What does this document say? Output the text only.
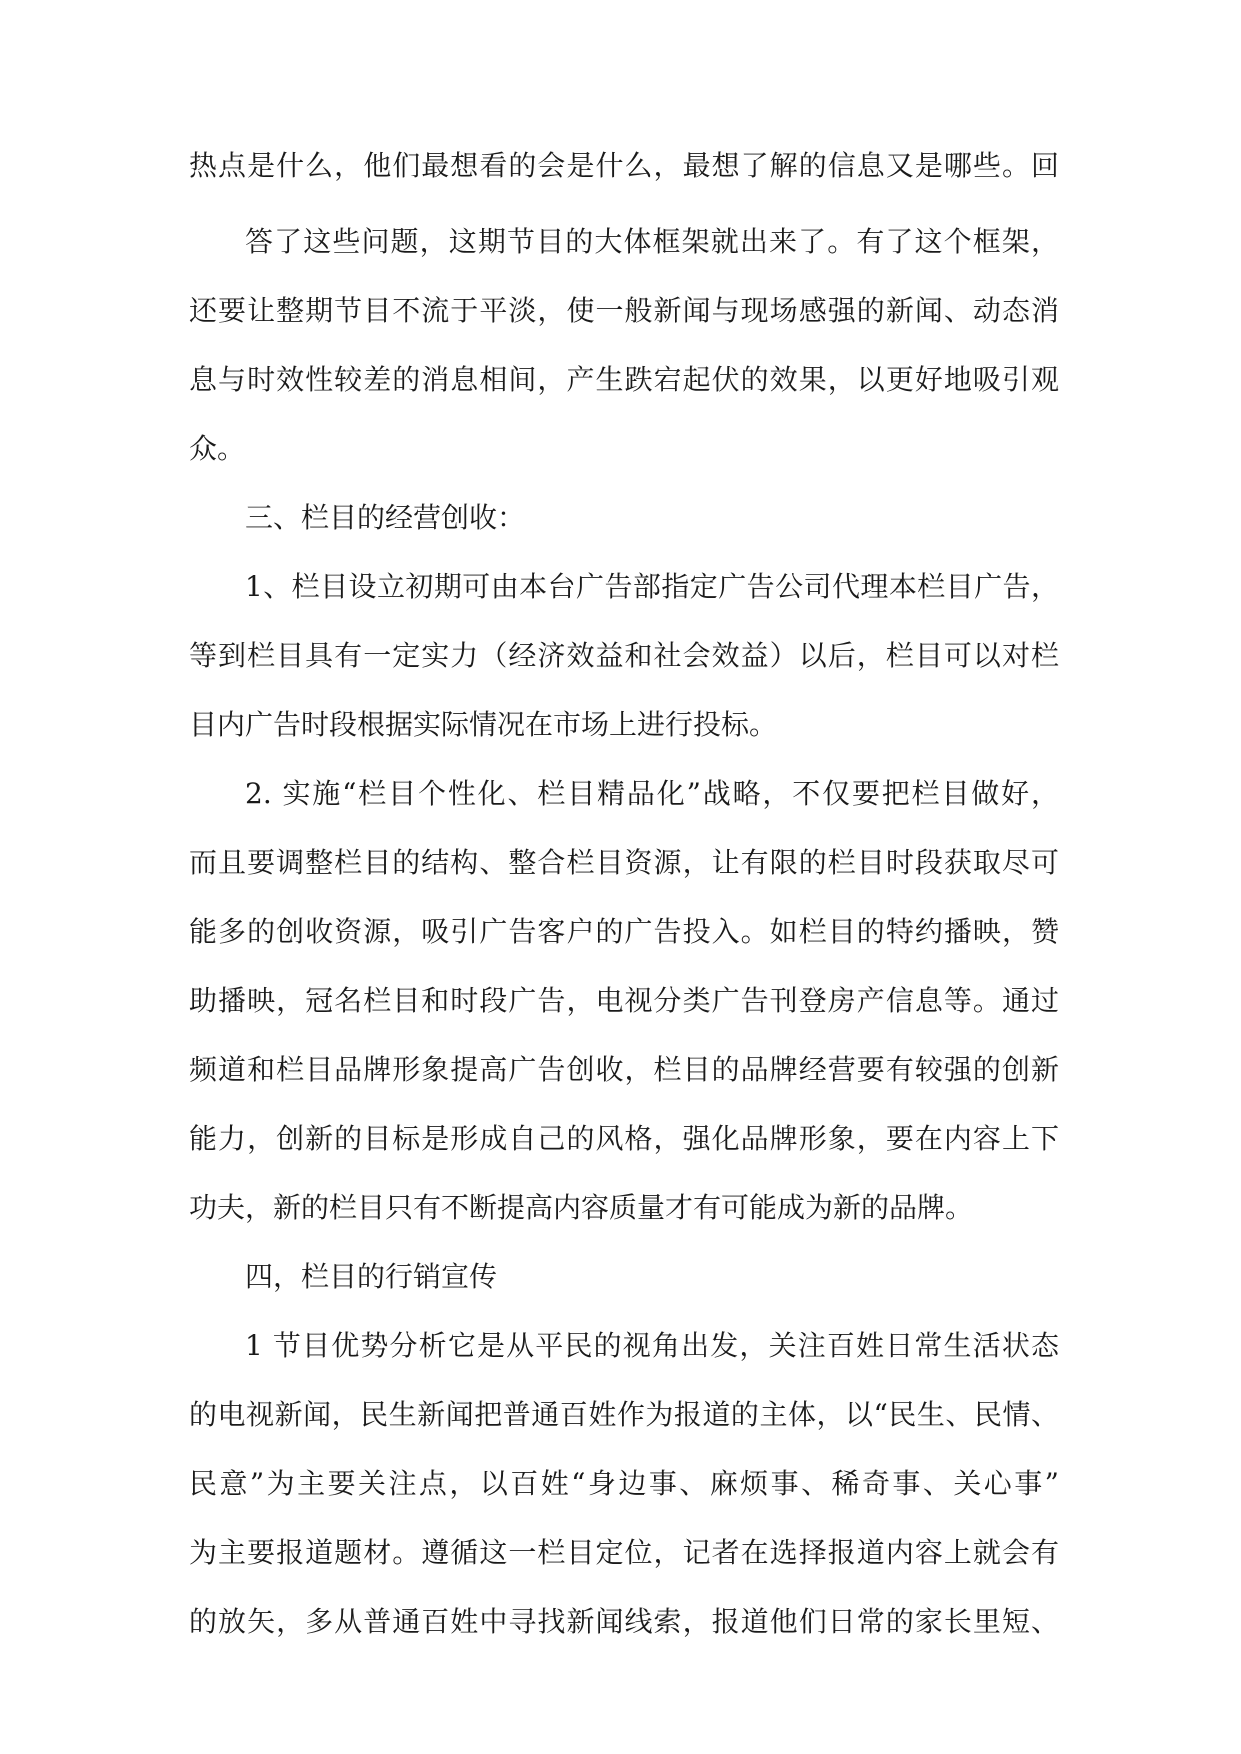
热点是什么，他们最想看的会是什么，最想了解的信息又是哪些。回
答了这些问题，这期节目的大体框架就出来了。有了这个框架，
还要让整期节目不流于平淡，使一般新闻与现场感强的新闻、动态消
息与时效性较差的消息相间，产生跌宕起伏的效果，以更好地吸引观
众。
三、栏目的经营创收：
1、栏目设立初期可由本台广告部指定广告公司代理本栏目广告，
等到栏目具有一定实力（经济效益和社会效益）以后，栏目可以对栏
目内广告时段根据实际情况在市场上进行投标。
2. 实施“栏目个性化、栏目精品化”战略，不仅要把栏目做好，
而且要调整栏目的结构、整合栏目资源，让有限的栏目时段获取尽可
能多的创收资源，吸引广告客户的广告投入。如栏目的特约播映，赞
助播映，冠名栏目和时段广告，电视分类广告刊登房产信息等。通过
频道和栏目品牌形象提高广告创收，栏目的品牌经营要有较强的创新
能力，创新的目标是形成自己的风格，强化品牌形象，要在内容上下
功夫，新的栏目只有不断提高内容质量才有可能成为新的品牌。
四，栏目的行销宣传
1 节目优势分析它是从平民的视角出发，关注百姓日常生活状态
的电视新闻，民生新闻把普通百姓作为报道的主体，以“民生、民情、
民意”为主要关注点，以百姓“身边事、麻烦事、稀奇事、关心事”
为主要报道题材。遵循这一栏目定位，记者在选择报道内容上就会有
的放矢，多从普通百姓中寻找新闻线索，报道他们日常的家长里短、
